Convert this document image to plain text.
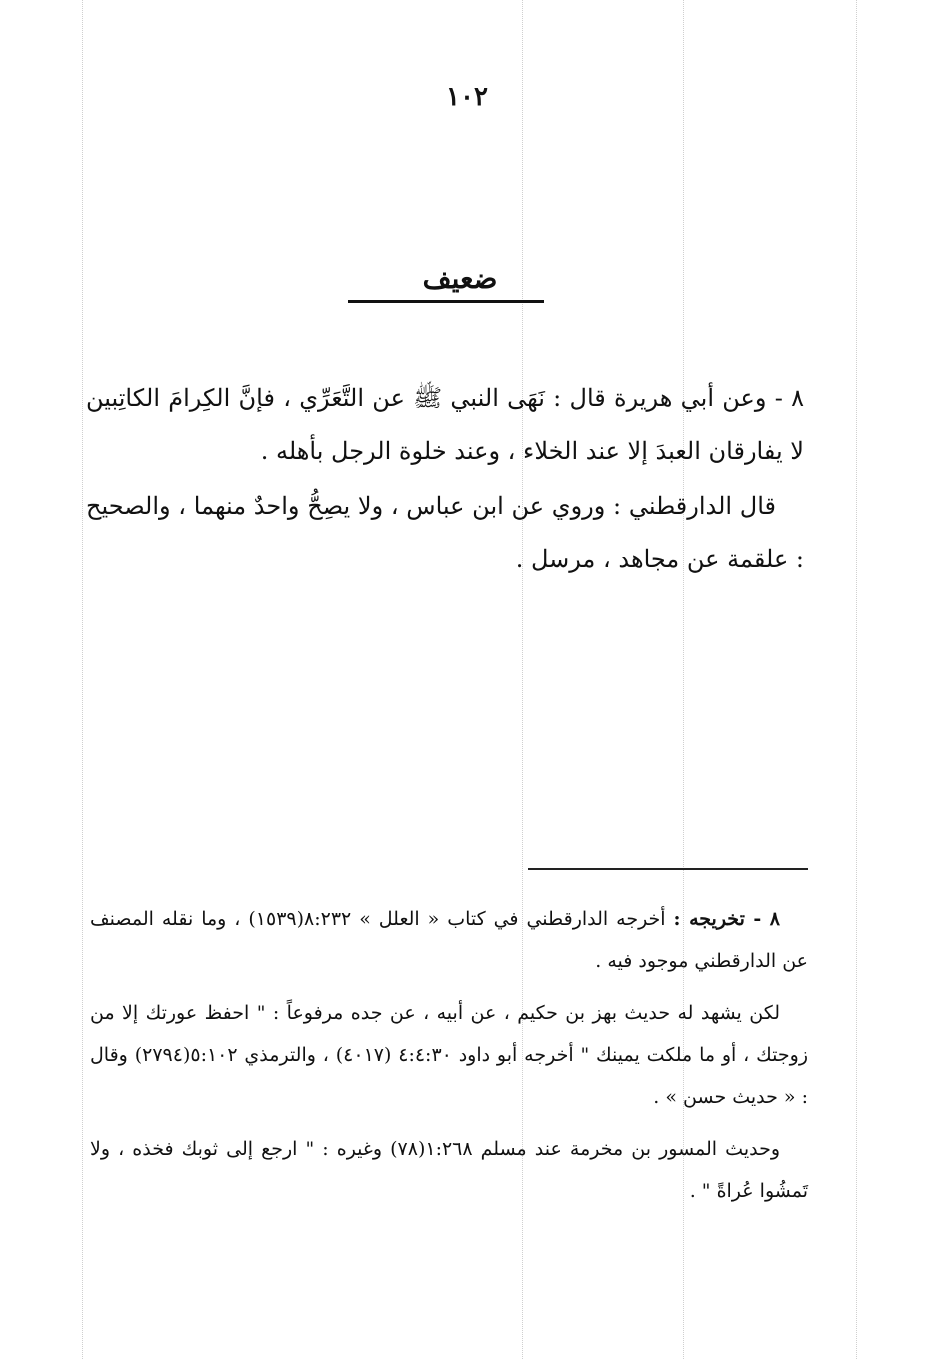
١٠٢
ضعيف

٨ - وعن أبي هريرة قال : نَهَى النبي ﷺ عن التَّعَرِّي ، فإنَّ الكِرامَ الكاتِبين لا يفارقان العبدَ إلا عند الخلاء ، وعند خلوة الرجل بأهله .

قال الدارقطني : وروي عن ابن عباس ، ولا يصِحُّ واحدٌ منهما ، والصحيح : علقمة عن مجاهد ، مرسل .

٨ - تخريجه : أخرجه الدارقطني في كتاب « العلل » ٨:٢٣٢(١٥٣٩) ، وما نقله المصنف عن الدارقطني موجود فيه .

لكن يشهد له حديث بهز بن حكيم ، عن أبيه ، عن جده مرفوعاً : " احفظ عورتك إلا من زوجتك ، أو ما ملكت يمينك " أخرجه أبو داود ٤:٤:٣٠ (٤٠١٧) ، والترمذي ٥:١٠٢(٢٧٩٤) وقال : « حديث حسن » .

وحديث المسور بن مخرمة عند مسلم ١:٢٦٨(٧٨) وغيره : " ارجع إلى ثوبك فخذه ، ولا تَمشُوا عُراةً " .
